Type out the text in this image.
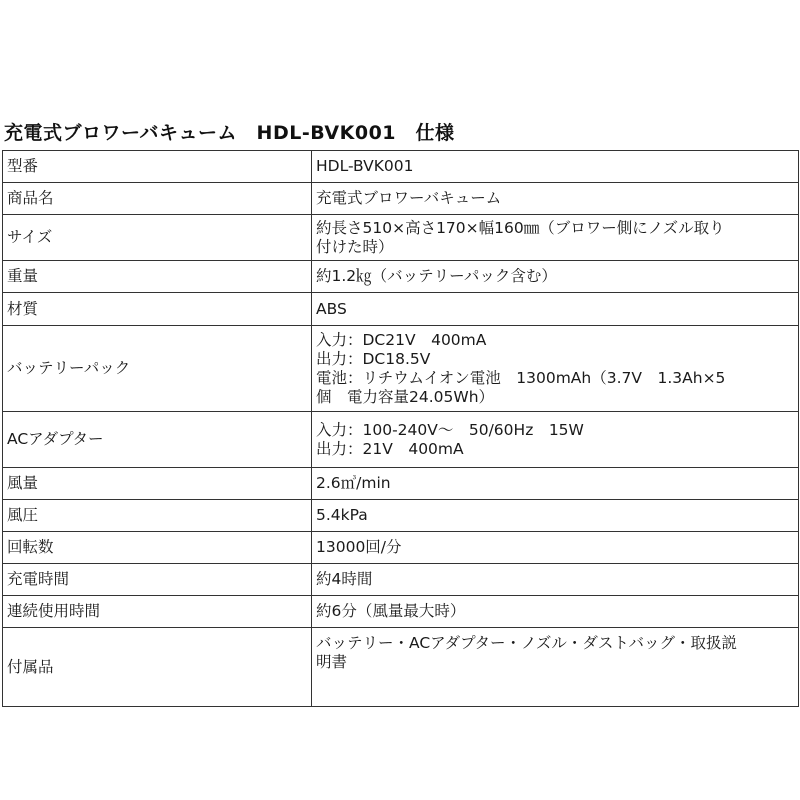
充電式ブロワーバキューム　HDL-BVK001　仕様
型番	HDL-BVK001

商品名	充電式ブロワーバキューム

サイズ	約長さ510×高さ170×幅160㎜（ブロワー側にノズル取り
付けた時）

重量	約1.2㎏（バッテリーパック含む）

材質	ABS

バッテリーパック	入力：DC21V　400mA
出力：DC18.5V
電池：リチウムイオン電池　1300mAh（3.7V　1.3Ah×5
個　電力容量24.05Wh）

ACアダプター	入力：100-240V～　50/60Hz　15W
出力：21V　400mA

風量	2.6㎥/min

風圧	5.4kPa

回転数	13000回/分

充電時間	約4時間

連続使用時間	約6分（風量最大時）

付属品	バッテリー・ACアダプター・ノズル・ダストバッグ・取扱説
明書
